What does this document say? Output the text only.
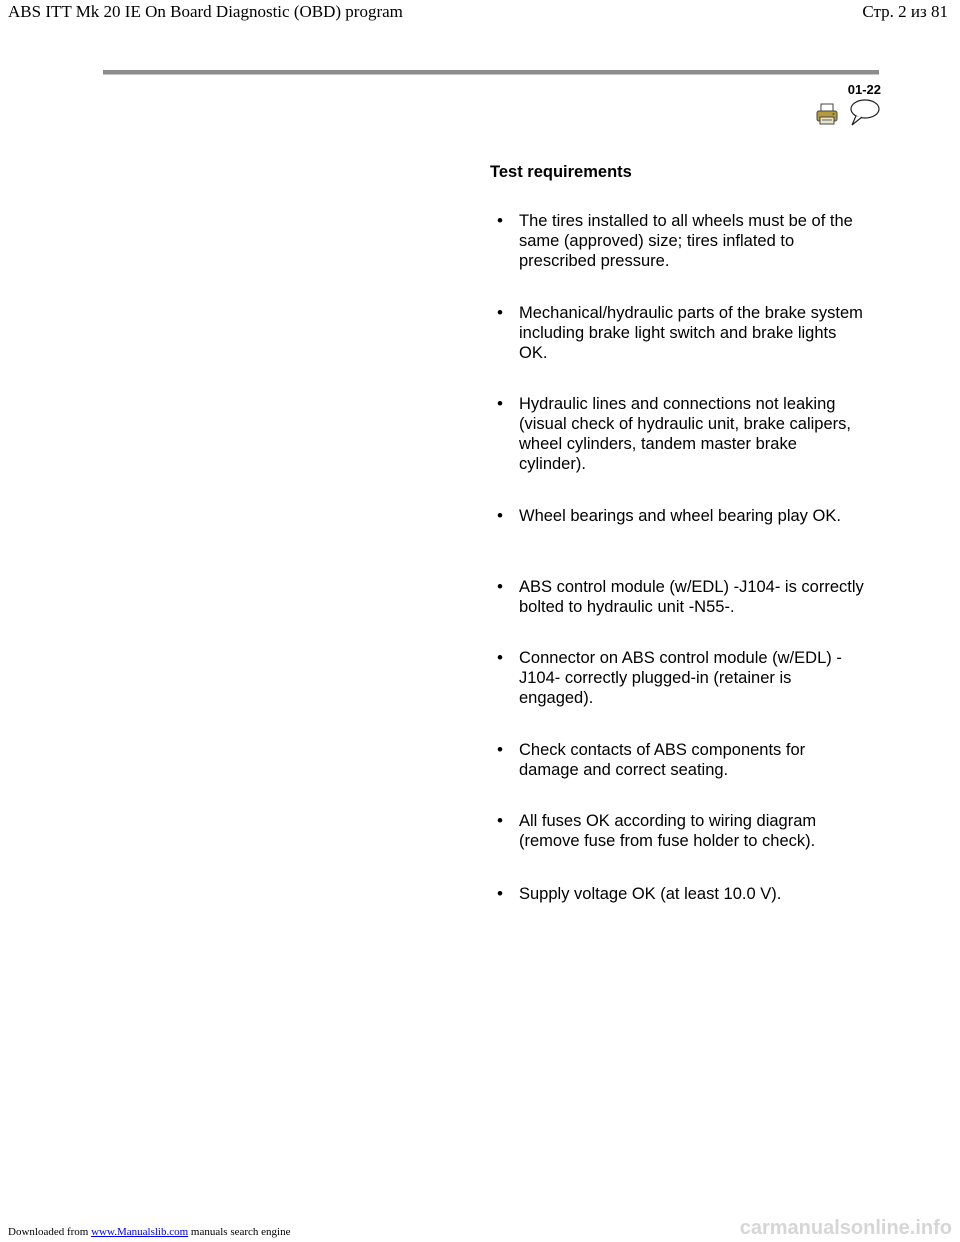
ABS ITT Mk 20 IE On Board Diagnostic (OBD) program	Стр. 2 из 81
01-22
Test requirements
• The tires installed to all wheels must be of the same (approved) size; tires inflated to prescribed pressure.
• Mechanical/hydraulic parts of the brake system including brake light switch and brake lights OK.
• Hydraulic lines and connections not leaking (visual check of hydraulic unit, brake calipers, wheel cylinders, tandem master brake cylinder).
• Wheel bearings and wheel bearing play OK.
• ABS control module (w/EDL) -J104- is correctly bolted to hydraulic unit -N55-.
• Connector on ABS control module (w/EDL) -J104- correctly plugged-in (retainer is engaged).
• Check contacts of ABS components for damage and correct seating.
• All fuses OK according to wiring diagram (remove fuse from fuse holder to check).
• Supply voltage OK (at least 10.0 V).
Downloaded from www.Manualslib.com manuals search engine	carmanualsonline.info
